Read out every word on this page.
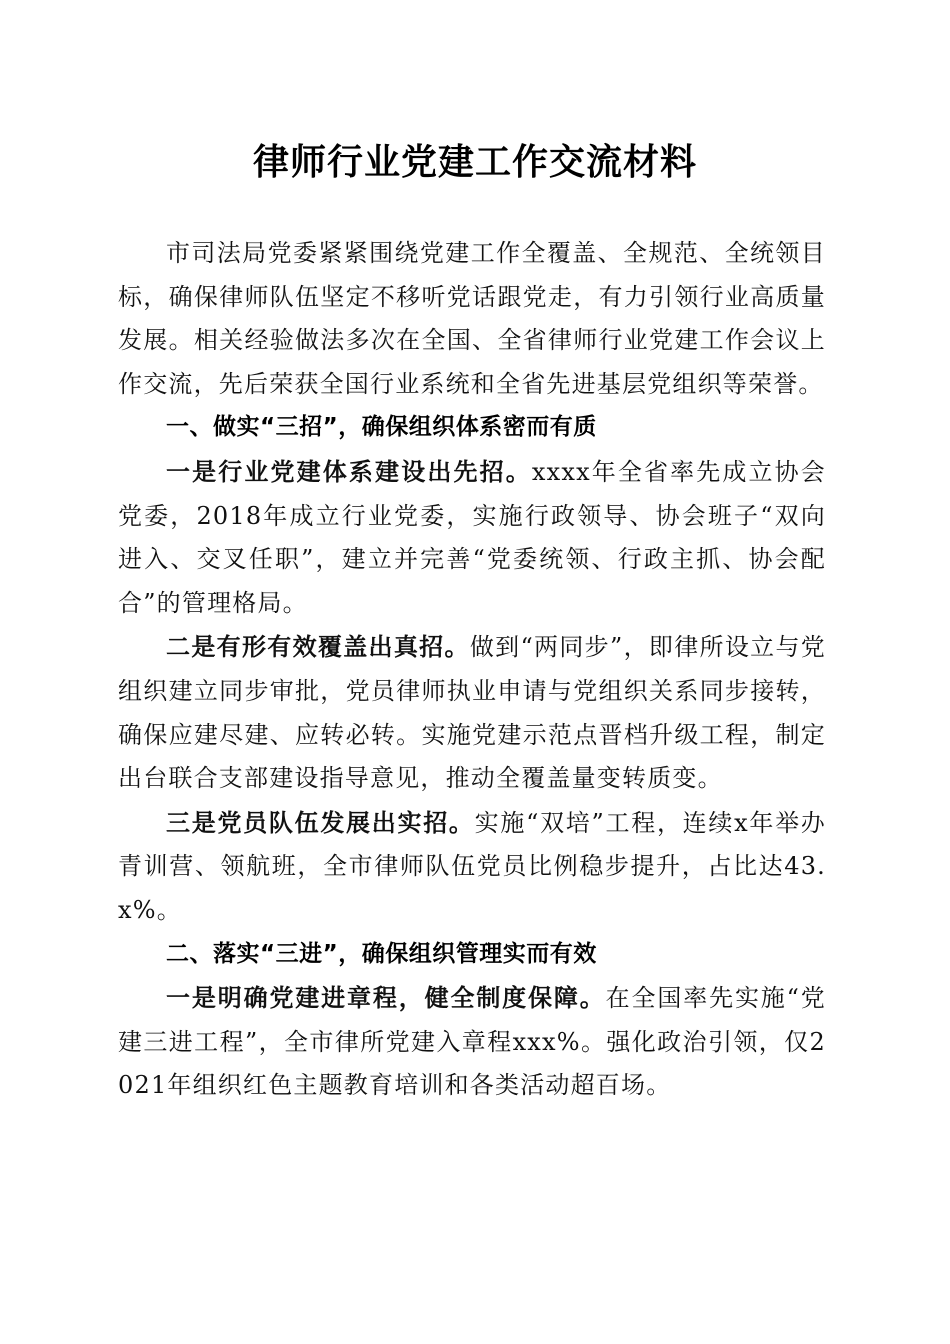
律师行业党建工作交流材料

市司法局党委紧紧围绕党建工作全覆盖、全规范、全统领目标，确保律师队伍坚定不移听党话跟党走，有力引领行业高质量发展。相关经验做法多次在全国、全省律师行业党建工作会议上作交流，先后荣获全国行业系统和全省先进基层党组织等荣誉。

一、做实“三招”，确保组织体系密而有质

一是行业党建体系建设出先招。xxxx年全省率先成立协会党委，2018年成立行业党委，实施行政领导、协会班子“双向进入、交叉任职”，建立并完善“党委统领、行政主抓、协会配合”的管理格局。

二是有形有效覆盖出真招。做到“两同步”，即律所设立与党组织建立同步审批，党员律师执业申请与党组织关系同步接转，确保应建尽建、应转必转。实施党建示范点晋档升级工程，制定出台联合支部建设指导意见，推动全覆盖量变转质变。

三是党员队伍发展出实招。实施“双培”工程，连续x年举办青训营、领航班，全市律师队伍党员比例稳步提升，占比达43.x%。

二、落实“三进”，确保组织管理实而有效

一是明确党建进章程，健全制度保障。在全国率先实施“党建三进工程”，全市律所党建入章程xxx%。强化政治引领，仅2021年组织红色主题教育培训和各类活动超百场。
